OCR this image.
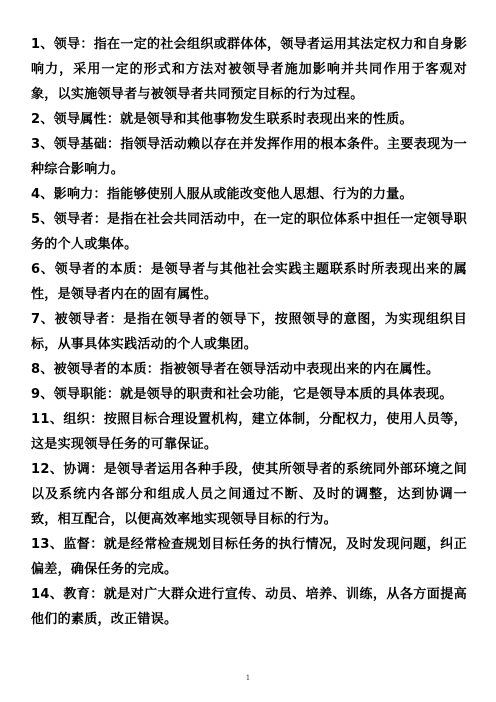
1、领导：指在一定的社会组织或群体体，领导者运用其法定权力和自身影响力，采用一定的形式和方法对被领导者施加影响并共同作用于客观对象，以实施领导者与被领导者共同预定目标的行为过程。

2、领导属性：就是领导和其他事物发生联系时表现出来的性质。

3、领导基础：指领导活动赖以存在并发挥作用的根本条件。主要表现为一种综合影响力。

4、影响力：指能够使别人服从或能改变他人思想、行为的力量。

5、领导者：是指在社会共同活动中，在一定的职位体系中担任一定领导职务的个人或集体。

6、领导者的本质：是领导者与其他社会实践主题联系时所表现出来的属性，是领导者内在的固有属性。

7、被领导者：是指在领导者的领导下，按照领导的意图，为实现组织目标，从事具体实践活动的个人或集团。

8、被领导者的本质：指被领导者在领导活动中表现出来的内在属性。

9、领导职能：就是领导的职责和社会功能，它是领导本质的具体表现。

11、组织：按照目标合理设置机构，建立体制，分配权力，使用人员等，这是实现领导任务的可靠保证。

12、协调：是领导者运用各种手段，使其所领导者的系统同外部环境之间以及系统内各部分和组成人员之间通过不断、及时的调整，达到协调一致，相互配合，以便高效率地实现领导目标的行为。

13、监督：就是经常检查规划目标任务的执行情况，及时发现问题，纠正偏差，确保任务的完成。

14、教育：就是对广大群众进行宣传、动员、培养、训练，从各方面提高他们的素质，改正错误。

1
